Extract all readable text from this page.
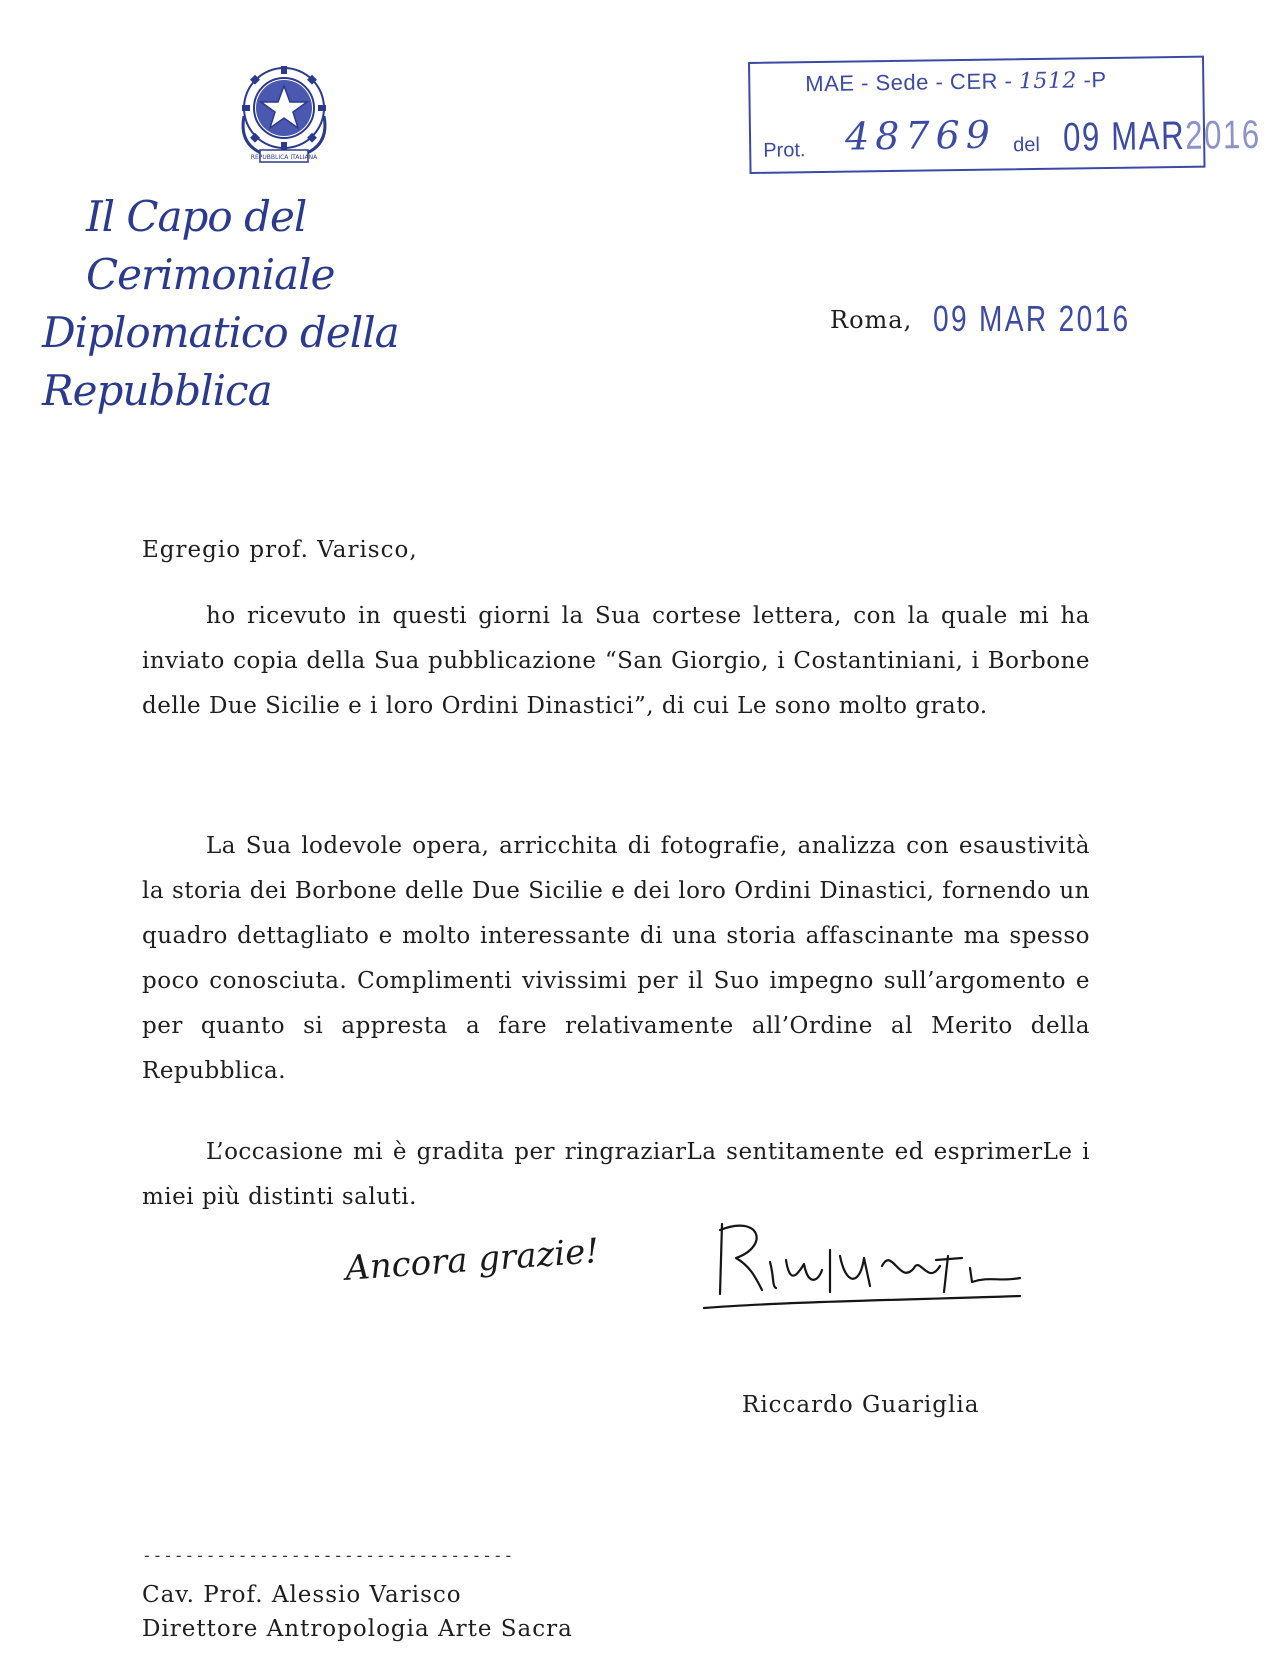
REPUBBLICA ITALIANA
Il Capo del Cerimoniale
Diplomatico della Repubblica
MAE - Sede - CER - 1512 -P
Prot. 48769 del 09 MAR2016
Roma, 09 MAR 2016
Egregio prof. Varisco,
ho ricevuto in questi giorni la Sua cortese lettera, con la quale mi ha inviato copia della Sua pubblicazione “San Giorgio, i Costantiniani, i Borbone delle Due Sicilie e i loro Ordini Dinastici”, di cui Le sono molto grato.
La Sua lodevole opera, arricchita di fotografie, analizza con esaustività la storia dei Borbone delle Due Sicilie e dei loro Ordini Dinastici, fornendo un quadro dettagliato e molto interessante di una storia affascinante ma spesso poco conosciuta. Complimenti vivissimi per il Suo impegno sull’argomento e per quanto si appresta a fare relativamente all’Ordine al Merito della Repubblica.
L’occasione mi è gradita per ringraziarLa sentitamente ed esprimerLe i miei più distinti saluti.
Ancora grazie!
Riccardo Guariglia
-----------------------------------
Cav. Prof. Alessio Varisco
Direttore Antropologia Arte Sacra
